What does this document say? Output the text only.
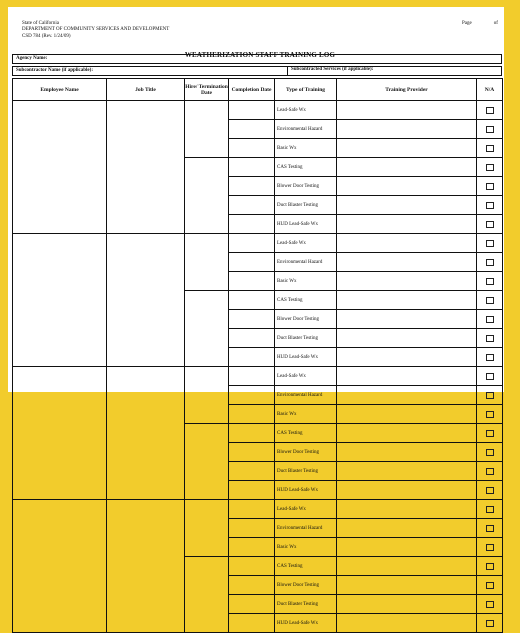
State of California
DEPARTMENT OF COMMUNITY SERVICES AND DEVELOPMENT
CSD 784 (Rev. 1/24/09)
Page	of
WEATHERIZATION STAFF TRAINING LOG
Agency Name:
Subcontractor Name (if applicable):	Subcontracted Services (if applicable):
Employee Name	Job Title	Hire/ Termination Date	Completion Date	Type of Training	Training Provider	N/A
				Lead-Safe Wx		
				Environmental Hazard		
				Basic Wx		
				CAS Testing		
				Blower Door Testing		
				Duct Blaster Testing		
				HUD Lead-Safe Wx		
				Lead-Safe Wx		
				Environmental Hazard		
				Basic Wx		
				CAS Testing		
				Blower Door Testing		
				Duct Blaster Testing		
				HUD Lead-Safe Wx		
				Lead-Safe Wx		
				Environmental Hazard		
				Basic Wx		
				CAS Testing		
				Blower Door Testing		
				Duct Blaster Testing		
				HUD Lead-Safe Wx		
				Lead-Safe Wx		
				Environmental Hazard		
				Basic Wx		
				CAS Testing		
				Blower Door Testing		
				Duct Blaster Testing		
				HUD Lead-Safe Wx		
